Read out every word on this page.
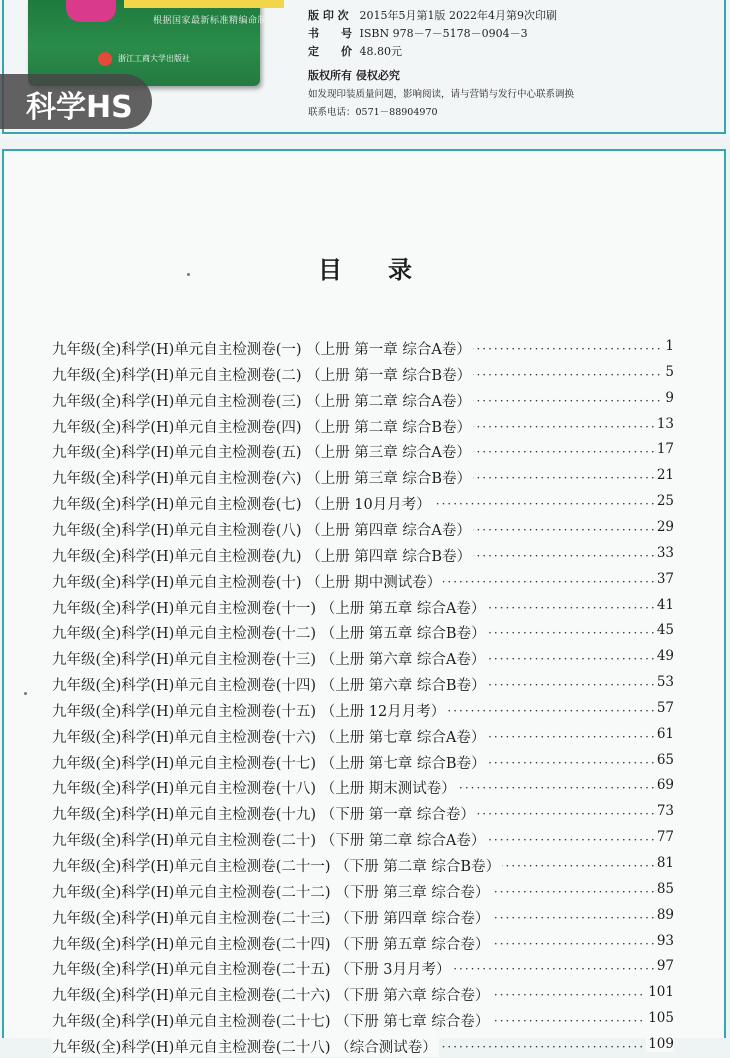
根据国家最新标准精编命制
浙江工商大学出版社
科学HS
版 印 次 2015年5月第1版 2022年4月第9次印刷
书　　号 ISBN 978－7－5178－0904－3
定　　价 48.80元
版权所有 侵权必究
如发现印装质量问题，影响阅读，请与营销与发行中心联系调换
联系电话：0571－88904970
目录
九年级(全)科学(H)单元自主检测卷(一) （上册 第一章 综合A卷）	1
九年级(全)科学(H)单元自主检测卷(二) （上册 第一章 综合B卷）	5
九年级(全)科学(H)单元自主检测卷(三) （上册 第二章 综合A卷）	9
九年级(全)科学(H)单元自主检测卷(四) （上册 第二章 综合B卷）	13
九年级(全)科学(H)单元自主检测卷(五) （上册 第三章 综合A卷）	17
九年级(全)科学(H)单元自主检测卷(六) （上册 第三章 综合B卷）	21
九年级(全)科学(H)单元自主检测卷(七) （上册 10月月考）	25
九年级(全)科学(H)单元自主检测卷(八) （上册 第四章 综合A卷）	29
九年级(全)科学(H)单元自主检测卷(九) （上册 第四章 综合B卷）	33
九年级(全)科学(H)单元自主检测卷(十) （上册 期中测试卷）	37
九年级(全)科学(H)单元自主检测卷(十一) （上册 第五章 综合A卷）	41
九年级(全)科学(H)单元自主检测卷(十二) （上册 第五章 综合B卷）	45
九年级(全)科学(H)单元自主检测卷(十三) （上册 第六章 综合A卷）	49
九年级(全)科学(H)单元自主检测卷(十四) （上册 第六章 综合B卷）	53
九年级(全)科学(H)单元自主检测卷(十五) （上册 12月月考）	57
九年级(全)科学(H)单元自主检测卷(十六) （上册 第七章 综合A卷）	61
九年级(全)科学(H)单元自主检测卷(十七) （上册 第七章 综合B卷）	65
九年级(全)科学(H)单元自主检测卷(十八) （上册 期末测试卷）	69
九年级(全)科学(H)单元自主检测卷(十九) （下册 第一章 综合卷）	73
九年级(全)科学(H)单元自主检测卷(二十) （下册 第二章 综合A卷）	77
九年级(全)科学(H)单元自主检测卷(二十一) （下册 第二章 综合B卷）	81
九年级(全)科学(H)单元自主检测卷(二十二) （下册 第三章 综合卷）	85
九年级(全)科学(H)单元自主检测卷(二十三) （下册 第四章 综合卷）	89
九年级(全)科学(H)单元自主检测卷(二十四) （下册 第五章 综合卷）	93
九年级(全)科学(H)单元自主检测卷(二十五) （下册 3月月考）	97
九年级(全)科学(H)单元自主检测卷(二十六) （下册 第六章 综合卷）	101
九年级(全)科学(H)单元自主检测卷(二十七) （下册 第七章 综合卷）	105
九年级(全)科学(H)单元自主检测卷(二十八) （综合测试卷）	109
